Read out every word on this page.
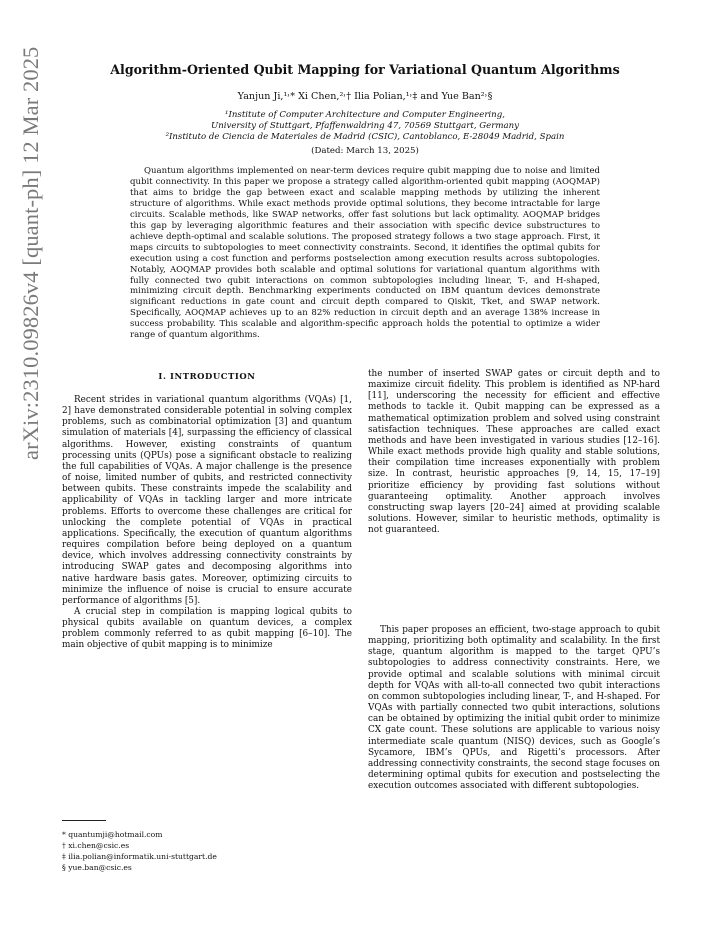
arXiv:2310.09826v4 [quant-ph] 12 Mar 2025	Algorithm-Oriented Qubit Mapping for Variational Quantum Algorithms
Yanjun Ji,¹˒* Xi Chen,²˒† Ilia Polian,¹˒‡ and Yue Ban²˒§
¹Institute of Computer Architecture and Computer Engineering,
University of Stuttgart, Pfaffenwaldring 47, 70569 Stuttgart, Germany
²Instituto de Ciencia de Materiales de Madrid (CSIC), Cantoblanco, E-28049 Madrid, Spain
(Dated: March 13, 2025)
Quantum algorithms implemented on near-term devices require qubit mapping due to noise and limited qubit connectivity. In this paper we propose a strategy called algorithm-oriented qubit mapping (AOQMAP) that aims to bridge the gap between exact and scalable mapping methods by utilizing the inherent structure of algorithms. While exact methods provide optimal solutions, they become intractable for large circuits. Scalable methods, like SWAP networks, offer fast solutions but lack optimality. AOQMAP bridges this gap by leveraging algorithmic features and their association with specific device substructures to achieve depth-optimal and scalable solutions. The proposed strategy follows a two stage approach. First, it maps circuits to subtopologies to meet connectivity constraints. Second, it identifies the optimal qubits for execution using a cost function and performs postselection among execution results across subtopologies. Notably, AOQMAP provides both scalable and optimal solutions for variational quantum algorithms with fully connected two qubit interactions on common subtopologies including linear, T-, and H-shaped, minimizing circuit depth. Benchmarking experiments conducted on IBM quantum devices demonstrate significant reductions in gate count and circuit depth compared to Qiskit, Tket, and SWAP network. Specifically, AOQMAP achieves up to an 82% reduction in circuit depth and an average 138% increase in success probability. This scalable and algorithm-specific approach holds the potential to optimize a wider range of quantum algorithms.
I. INTRODUCTION

Recent strides in variational quantum algorithms (VQAs) [1, 2] have demonstrated considerable potential in solving complex problems, such as combinatorial optimization [3] and quantum simulation of materials [4], surpassing the efficiency of classical algorithms. However, existing constraints of quantum processing units (QPUs) pose a significant obstacle to realizing the full capabilities of VQAs. A major challenge is the presence of noise, limited number of qubits, and restricted connectivity between qubits. These constraints impede the scalability and applicability of VQAs in tackling larger and more intricate problems. Efforts to overcome these challenges are critical for unlocking the complete potential of VQAs in practical applications. Specifically, the execution of quantum algorithms requires compilation before being deployed on a quantum device, which involves addressing connectivity constraints by introducing SWAP gates and decomposing algorithms into native hardware basis gates. Moreover, optimizing circuits to minimize the influence of noise is crucial to ensure accurate performance of algorithms [5].

A crucial step in compilation is mapping logical qubits to physical qubits available on quantum devices, a complex problem commonly referred to as qubit mapping [6–10]. The main objective of qubit mapping is to minimize

the number of inserted SWAP gates or circuit depth and to maximize circuit fidelity. This problem is identified as NP-hard [11], underscoring the necessity for efficient and effective methods to tackle it. Qubit mapping can be expressed as a mathematical optimization problem and solved using constraint satisfaction techniques. These approaches are called exact methods and have been investigated in various studies [12–16]. While exact methods provide high quality and stable solutions, their compilation time increases exponentially with problem size. In contrast, heuristic approaches [9, 14, 15, 17–19] prioritize efficiency by providing fast solutions without guaranteeing optimality. Another approach involves constructing swap layers [20–24] aimed at providing scalable solutions. However, similar to heuristic methods, optimality is not guaranteed.

This paper proposes an efficient, two-stage approach to qubit mapping, prioritizing both optimality and scalability. In the first stage, quantum algorithm is mapped to the target QPU’s subtopologies to address connectivity constraints. Here, we provide optimal and scalable solutions with minimal circuit depth for VQAs with all-to-all connected two qubit interactions on common subtopologies including linear, T-, and H-shaped. For VQAs with partially connected two qubit interactions, solutions can be obtained by optimizing the initial qubit order to minimize CX gate count. These solutions are applicable to various noisy intermediate scale quantum (NISQ) devices, such as Google’s Sycamore, IBM’s QPUs, and Rigetti’s processors. After addressing connectivity constraints, the second stage focuses on determining optimal qubits for execution and postselecting the execution outcomes associated with different subtopologies.

* quantumji@hotmail.com
† xi.chen@csic.es
‡ ilia.polian@informatik.uni-stuttgart.de
§ yue.ban@csic.es
